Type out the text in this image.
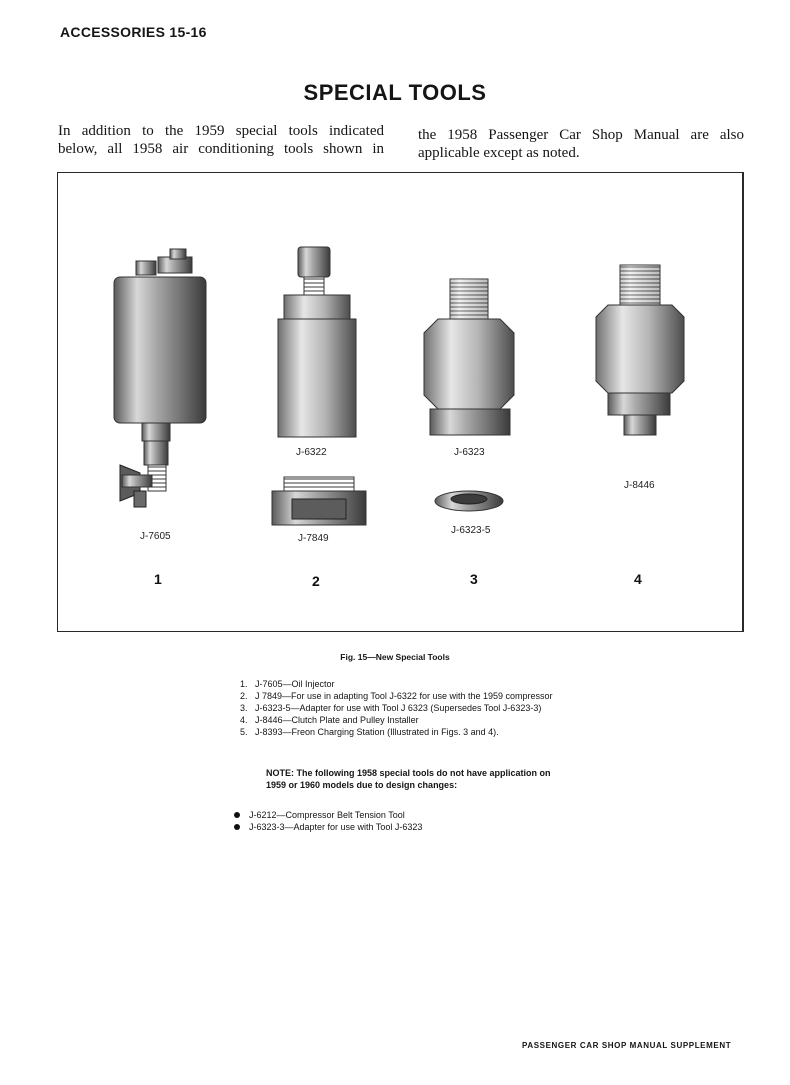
ACCESSORIES 15-16
SPECIAL TOOLS
In addition to the 1959 special tools indicated
below, all 1958 air conditioning tools shown in
the 1958 Passenger Car Shop Manual are also
applicable except as noted.
J-7605
J-6322
J-7849
J-6323
J-6323-5
J-8446
1	2	3	4
Fig. 15—New Special Tools
1. J-7605—Oil Injector
2. J 7849—For use in adapting Tool J-6322 for use with the 1959 compressor
3. J-6323-5—Adapter for use with Tool J 6323 (Supersedes Tool J-6323-3)
4. J-8446—Clutch Plate and Pulley Installer
5. J-8393—Freon Charging Station (Illustrated in Figs. 3 and 4).
NOTE: The following 1958 special tools do not have application on 1959 or 1960 models due to design changes:
J-6212—Compressor Belt Tension Tool
J-6323-3—Adapter for use with Tool J-6323
PASSENGER CAR SHOP MANUAL SUPPLEMENT
